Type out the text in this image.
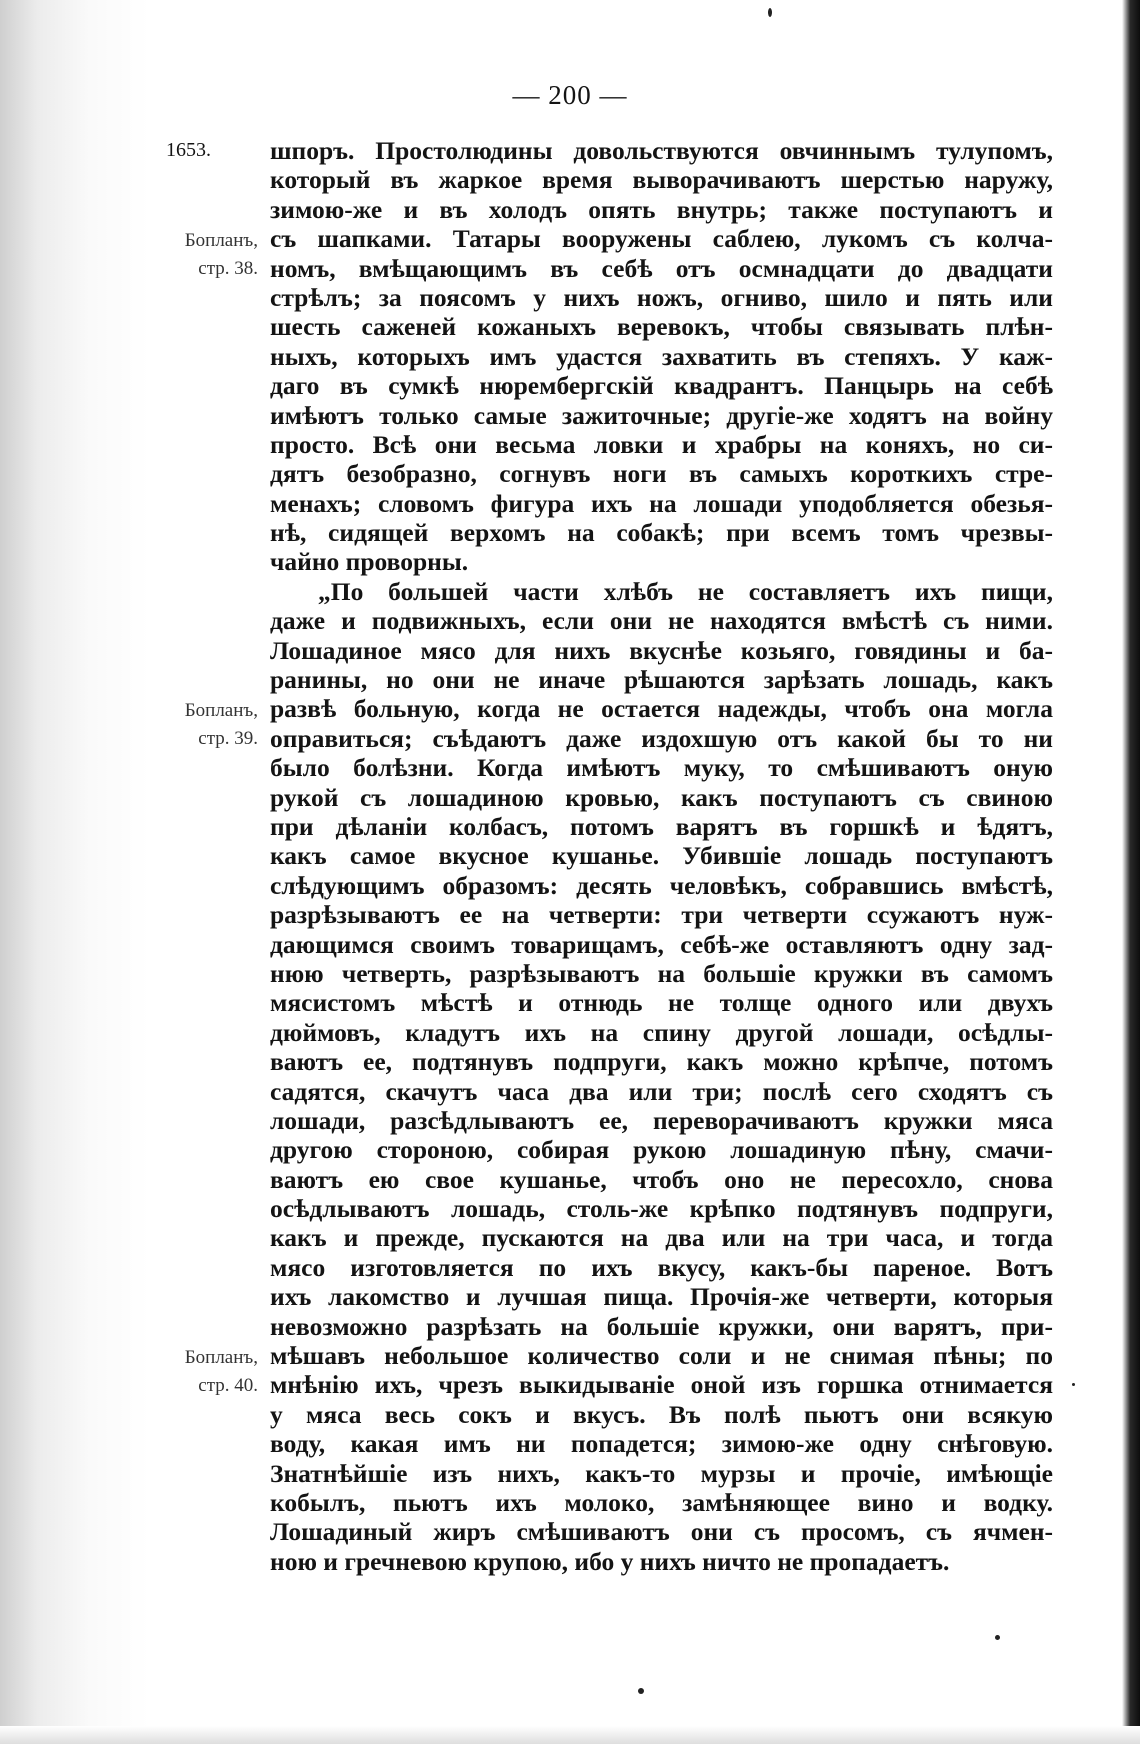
— 200 —
1653.
Бопланъ,
стр. 38.
Бопланъ,
стр. 39.
Бопланъ,
стр. 40.
шпоръ. Простолюдины довольствуются овчиннымъ тулупомъ,
который въ жаркое время выворачиваютъ шерстью наружу,
зимою-же и въ холодъ опять внутрь; также поступаютъ и
съ шапками. Татары вооружены саблею, лукомъ съ колча-
номъ, вмѣщающимъ въ себѣ отъ осмнадцати до двадцати
стрѣлъ; за поясомъ у нихъ ножъ, огниво, шило и пять или
шесть саженей кожаныхъ веревокъ, чтобы связывать плѣн-
ныхъ, которыхъ имъ удастся захватить въ степяхъ. У каж-
даго въ сумкѣ нюрембергскій квадрантъ. Панцырь на себѣ
имѣютъ только самые зажиточные; другіе-же ходятъ на войну
просто. Всѣ они весьма ловки и храбры на коняхъ, но си-
дятъ безобразно, согнувъ ноги въ самыхъ короткихъ стре-
менахъ; словомъ фигура ихъ на лошади уподобляется обезья-
нѣ, сидящей верхомъ на собакѣ; при всемъ томъ чрезвы-
чайно проворны.
„По большей части хлѣбъ не составляетъ ихъ пищи,
даже и подвижныхъ, если они не находятся вмѣстѣ съ ними.
Лошадиное мясо для нихъ вкуснѣе козьяго, говядины и ба-
ранины, но они не иначе рѣшаются зарѣзать лошадь, какъ
развѣ больную, когда не остается надежды, чтобъ она могла
оправиться; съѣдаютъ даже издохшую отъ какой бы то ни
было болѣзни. Когда имѣютъ муку, то смѣшиваютъ оную
рукой съ лошадиною кровью, какъ поступаютъ съ свиною
при дѣланіи колбасъ, потомъ варятъ въ горшкѣ и ѣдятъ,
какъ самое вкусное кушанье. Убившіе лошадь поступаютъ
слѣдующимъ образомъ: десять человѣкъ, собравшись вмѣстѣ,
разрѣзываютъ ее на четверти: три четверти ссужаютъ нуж-
дающимся своимъ товарищамъ, себѣ-же оставляютъ одну зад-
нюю четверть, разрѣзываютъ на большіе кружки въ самомъ
мясистомъ мѣстѣ и отнюдь не толще одного или двухъ
дюймовъ, кладутъ ихъ на спину другой лошади, осѣдлы-
ваютъ ее, подтянувъ подпруги, какъ можно крѣпче, потомъ
садятся, скачутъ часа два или три; послѣ сего сходятъ съ
лошади, разсѣдлываютъ ее, переворачиваютъ кружки мяса
другою стороною, собирая рукою лошадиную пѣну, смачи-
ваютъ ею свое кушанье, чтобъ оно не пересохло, снова
осѣдлываютъ лошадь, столь-же крѣпко подтянувъ подпруги,
какъ и прежде, пускаются на два или на три часа, и тогда
мясо изготовляется по ихъ вкусу, какъ-бы пареное. Вотъ
ихъ лакомство и лучшая пища. Прочія-же четверти, которыя
невозможно разрѣзать на большіе кружки, они варятъ, при-
мѣшавъ небольшое количество соли и не снимая пѣны; по
мнѣнію ихъ, чрезъ выкидываніе оной изъ горшка отнимается
у мяса весь сокъ и вкусъ. Въ полѣ пьютъ они всякую
воду, какая имъ ни попадется; зимою-же одну снѣговую.
Знатнѣйшіе изъ нихъ, какъ-то мурзы и прочіе, имѣющіе
кобылъ, пьютъ ихъ молоко, замѣняющее вино и водку.
Лошадиный жиръ смѣшиваютъ они съ просомъ, съ ячмен-
ною и гречневою крупою, ибо у нихъ ничто не пропадаетъ.
